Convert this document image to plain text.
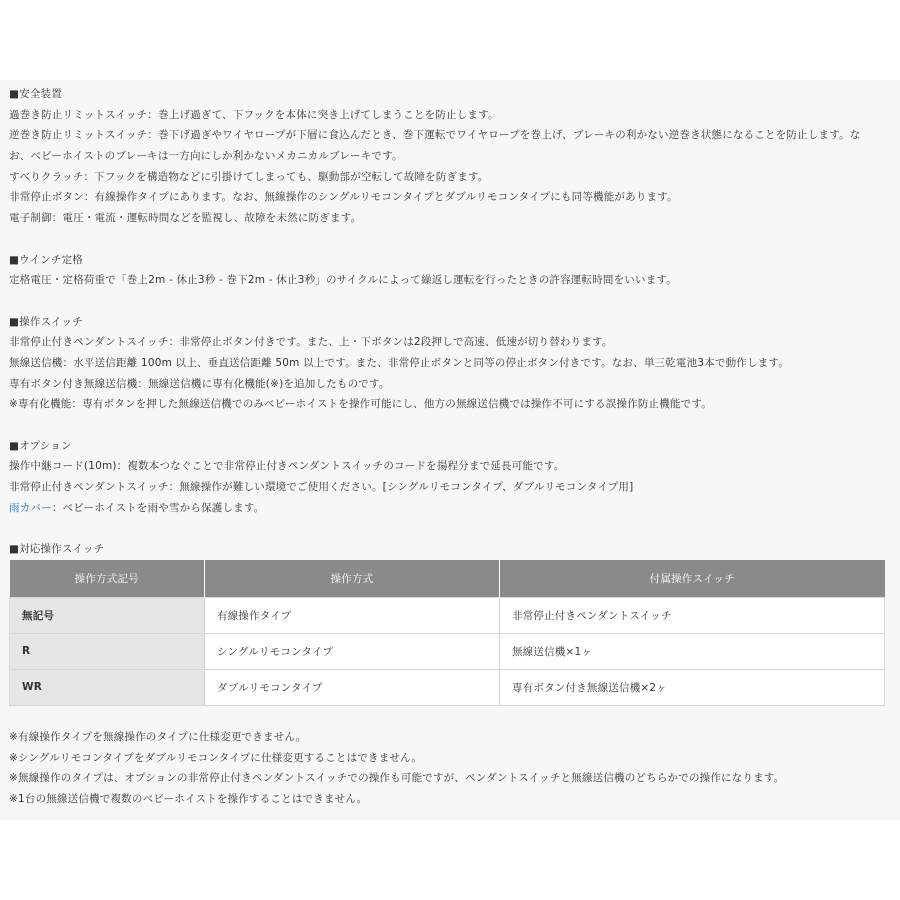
■安全装置
過巻き防止リミットスイッチ：巻上げ過ぎて、下フックを本体に突き上げてしまうことを防止します。
逆巻き防止リミットスイッチ：巻下げ過ぎやワイヤロープが下層に食込んだとき、巻下運転でワイヤロープを巻上げ、ブレーキの利かない逆巻き状態になることを防止します。な
お、ベビーホイストのブレーキは一方向にしか利かないメカニカルブレーキです。
すべりクラッチ：下フックを構造物などに引掛けてしまっても、駆動部が空転して故障を防ぎます。
非常停止ボタン：有線操作タイプにあります。なお、無線操作のシングルリモコンタイプとダブルリモコンタイプにも同等機能があります。
電子制御：電圧・電流・運転時間などを監視し、故障を未然に防ぎます。
■ウインチ定格
定格電圧・定格荷重で「巻上2m - 休止3秒 - 巻下2m - 休止3秒」のサイクルによって繰返し運転を行ったときの許容運転時間をいいます。
■操作スイッチ
非常停止付きペンダントスイッチ：非常停止ボタン付きです。また、上・下ボタンは2段押しで高速、低速が切り替わります。
無線送信機：水平送信距離 100m 以上、垂直送信距離 50m 以上です。また、非常停止ボタンと同等の停止ボタン付きです。なお、単三乾電池3本で動作します。
専有ボタン付き無線送信機：無線送信機に専有化機能(※)を追加したものです。
※専有化機能：専有ボタンを押した無線送信機でのみベビーホイストを操作可能にし、他方の無線送信機では操作不可にする誤操作防止機能です。
■オプション
操作中継コード(10m)：複数本つなぐことで非常停止付きペンダントスイッチのコードを揚程分まで延長可能です。
非常停止付きペンダントスイッチ：無線操作が難しい環境でご使用ください。[シングルリモコンタイプ、ダブルリモコンタイプ用]
雨カバー：ベビーホイストを雨や雪から保護します。
■対応操作スイッチ
操作方式記号	操作方式	付属操作スイッチ
無記号	有線操作タイプ	非常停止付きペンダントスイッチ
R	シングルリモコンタイプ	無線送信機×1ヶ
WR	ダブルリモコンタイプ	専有ボタン付き無線送信機×2ヶ
※有線操作タイプを無線操作のタイプに仕様変更できません。
※シングルリモコンタイプをダブルリモコンタイプに仕様変更することはできません。
※無線操作のタイプは、オプションの非常停止付きペンダントスイッチでの操作も可能ですが、ペンダントスイッチと無線送信機のどちらかでの操作になります。
※1台の無線送信機で複数のベビーホイストを操作することはできません。
